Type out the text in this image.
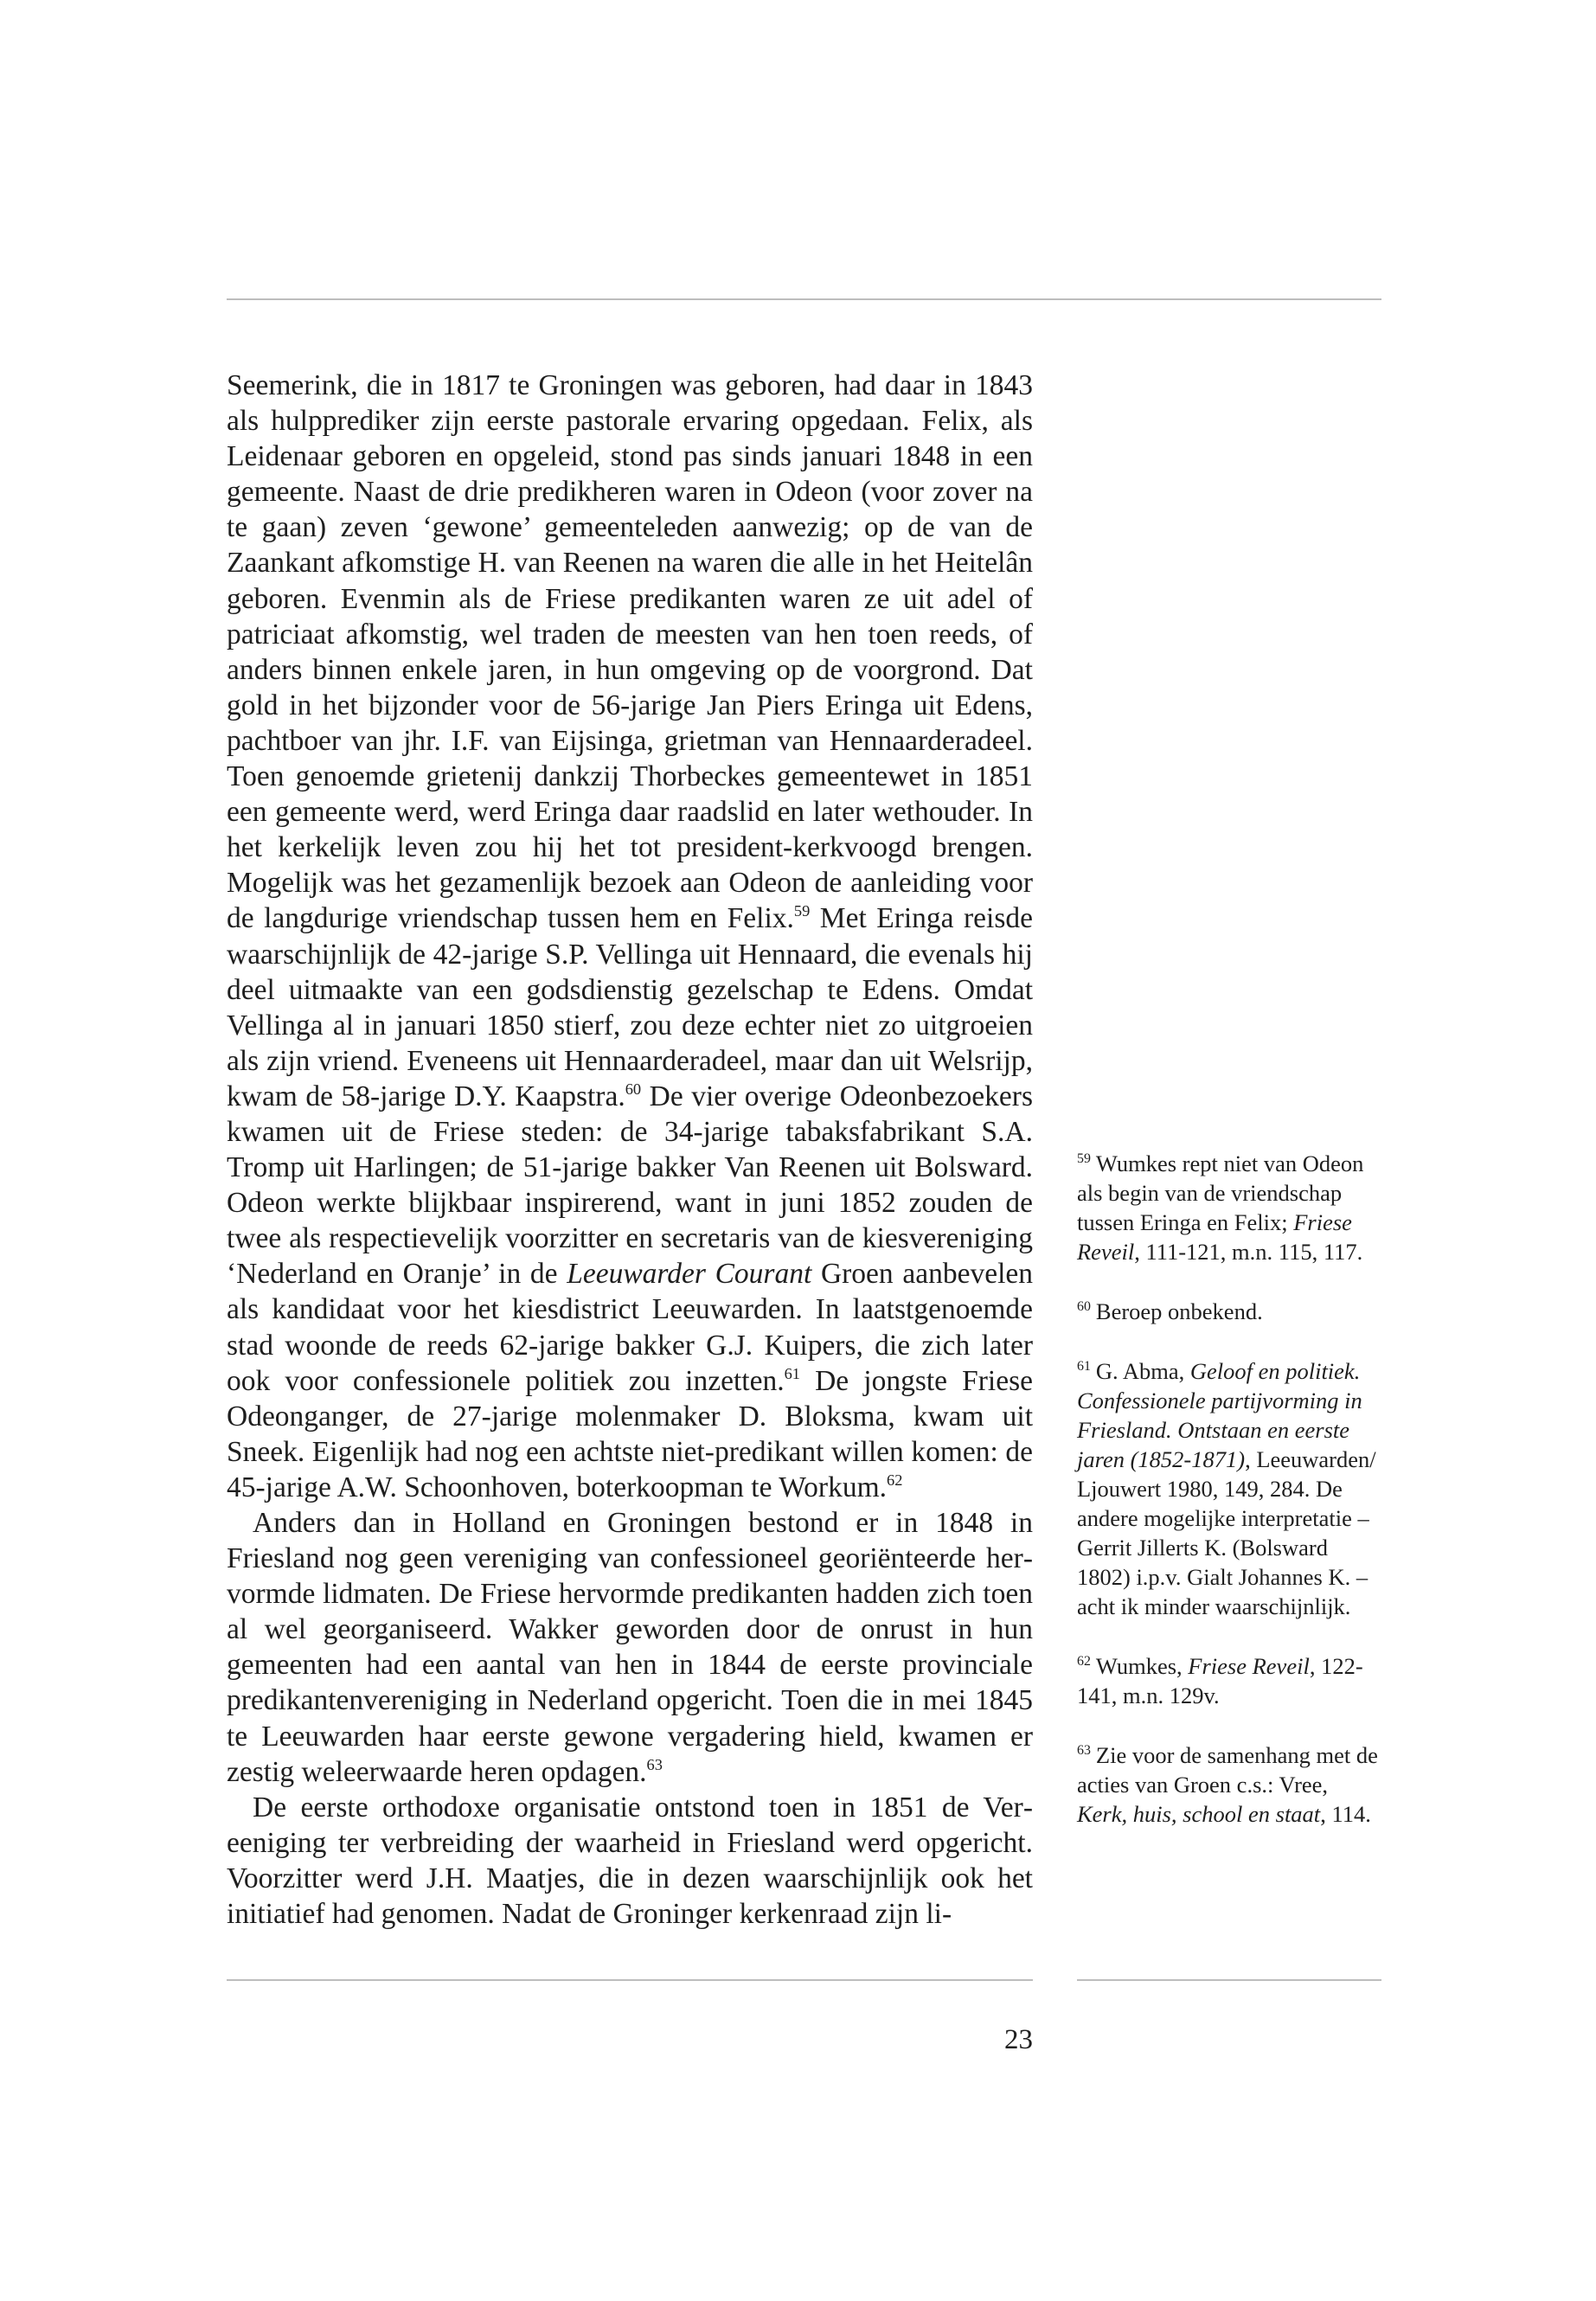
Seemerink, die in 1817 te Groningen was geboren, had daar in 1843 als hulpprediker zijn eerste pastorale ervaring opgedaan. Felix, als Leidenaar geboren en opgeleid, stond pas sinds januari 1848 in een gemeente. Naast de drie predikheren waren in Odeon (voor zover na te gaan) zeven ‘gewone’ gemeenteleden aanwezig; op de van de Zaankant afkomstige H. van Reenen na waren die alle in het Heitelân geboren. Evenmin als de Friese predikanten waren ze uit adel of patriciaat afkomstig, wel traden de meesten van hen toen reeds, of anders binnen enkele jaren, in hun omgeving op de voorgrond. Dat gold in het bijzonder voor de 56-jarige Jan Piers Eringa uit Edens, pachtboer van jhr. I.F. van Eijsinga, grietman van Hennaarderadeel. Toen genoemde grietenij dankzij Thorbeckes gemeentewet in 1851 een gemeente werd, werd Eringa daar raadslid en later wethouder. In het kerkelijk leven zou hij het tot president-kerkvoogd brengen. Mogelijk was het gezamenlijk bezoek aan Odeon de aanleiding voor de langdurige vriendschap tussen hem en Felix.$^{59}$ Met Eringa reisde waarschijnlijk de 42-jarige S.P. Vellinga uit Hennaard, die evenals hij deel uitmaakte van een godsdienstig gezelschap te Edens. Omdat Vellinga al in januari 1850 stierf, zou deze echter niet zo uitgroeien als zijn vriend. Eveneens uit Hennaarderadeel, maar dan uit Welsrijp, kwam de 58-jarige D.Y. Kaapstra.$^{60}$ De vier overige Odeonbezoekers kwamen uit de Friese steden: de 34-jarige tabaksfabrikant S.A. Tromp uit Harlingen; de 51-jarige bakker Van Reenen uit Bolsward. Odeon werkte blijkbaar inspirerend, want in juni 1852 zouden de twee als respectievelijk voorzitter en secretaris van de kiesvereniging ‘Nederland en Oranje’ in de Leeuwarder Courant Groen aanbevelen als kandidaat voor het kiesdistrict Leeuwarden. In laatstgenoemde stad woonde de reeds 62-jarige bakker G.J. Kuipers, die zich later ook voor confessionele politiek zou inzetten.$^{61}$ De jongste Friese Odeonganger, de 27-jarige molenmaker D. Bloksma, kwam uit Sneek. Eigenlijk had nog een achtste niet-predikant willen komen: de 45-jarige A.W. Schoonhoven, boterkoopman te Workum.$^{62}$

Anders dan in Holland en Groningen bestond er in 1848 in Friesland nog geen vereniging van confessioneel georiënteerde hervormde lidmaten. De Friese hervormde predikanten hadden zich toen al wel georganiseerd. Wakker geworden door de onrust in hun gemeenten had een aantal van hen in 1844 de eerste provinciale predikantenvereniging in Nederland opgericht. Toen die in mei 1845 te Leeuwarden haar eerste gewone vergadering hield, kwamen er zestig weleerwaarde heren opdagen.$^{63}$

De eerste orthodoxe organisatie ontstond toen in 1851 de Vereeniging ter verbreiding der waarheid in Friesland werd opgericht. Voorzitter werd J.H. Maatjes, die in dezen waarschijnlijk ook het initiatief had genomen. Nadat de Groninger kerkenraad zijn li-

$^{59}$ Wumkes rept niet van Odeon als begin van de vriendschap tussen Eringa en Felix; Friese Reveil, 111-121, m.n. 115, 117.
$^{60}$ Beroep onbekend.
$^{61}$ G. Abma, Geloof en politiek. Confessionele partijvorming in Friesland. Ontstaan en eerste jaren (1852-1871), Leeuwarden/ Ljouwert 1980, 149, 284. De andere mogelijke interpretatie – Gerrit Jillerts K. (Bolsward 1802) i.p.v. Gialt Johannes K. – acht ik minder waarschijnlijk.
$^{62}$ Wumkes, Friese Reveil, 122-141, m.n. 129v.
$^{63}$ Zie voor de samenhang met de acties van Groen c.s.: Vree, Kerk, huis, school en staat, 114.
23
